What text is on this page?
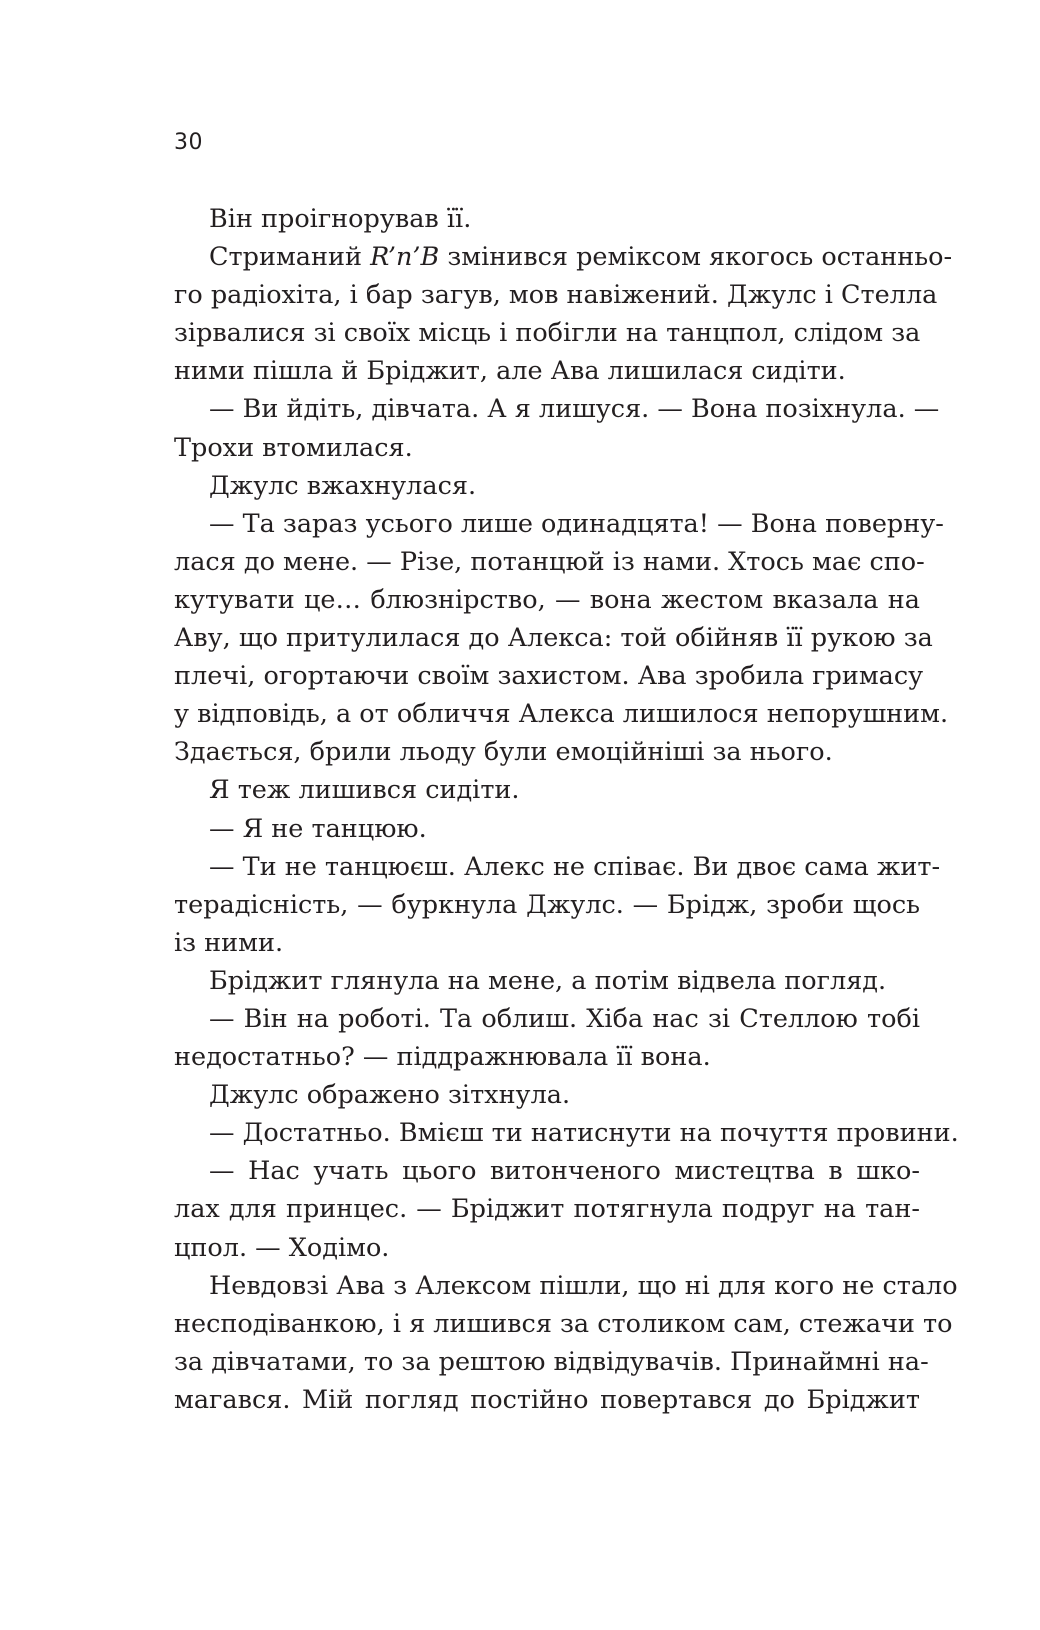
30
Він проігнорував її.
Стриманий R’n’B змінився реміксом якогось останньо-
го радіохіта, і бар загув, мов навіжений. Джулс і Стелла
зірвалися зі своїх місць і побігли на танцпол, слідом за
ними пішла й Бріджит, але Ава лишилася сидіти.
— Ви йдіть, дівчата. А я лишуся. — Вона позіхнула. —
Трохи втомилася.
Джулс вжахнулася.
— Та зараз усього лише одинадцята! — Вона поверну-
лася до мене. — Різе, потанцюй із нами. Хтось має спо-
кутувати це… блюзнірство, — вона жестом вказала на
Аву, що притулилася до Алекса: той обійняв її рукою за
плечі, огортаючи своїм захистом. Ава зробила гримасу
у відповідь, а от обличчя Алекса лишилося непорушним.
Здається, брили льоду були емоційніші за нього.
Я теж лишився сидіти.
— Я не танцюю.
— Ти не танцюєш. Алекс не співає. Ви двоє сама жит-
терадісність, — буркнула Джулс. — Брідж, зроби щось
із ними.
Бріджит глянула на мене, а потім відвела погляд.
— Він на роботі. Та облиш. Хіба нас зі Стеллою тобі
недостатньо? — піддражнювала її вона.
Джулс ображено зітхнула.
— Достатньо. Вмієш ти натиснути на почуття провини.
— Нас учать цього витонченого мистецтва в шко-
лах для принцес. — Бріджит потягнула подруг на тан-
цпол. — Ходімо.
Невдовзі Ава з Алексом пішли, що ні для кого не стало
несподіванкою, і я лишився за столиком сам, стежачи то
за дівчатами, то за рештою відвідувачів. Принаймні на-
магався. Мій погляд постійно повертався до Бріджит
